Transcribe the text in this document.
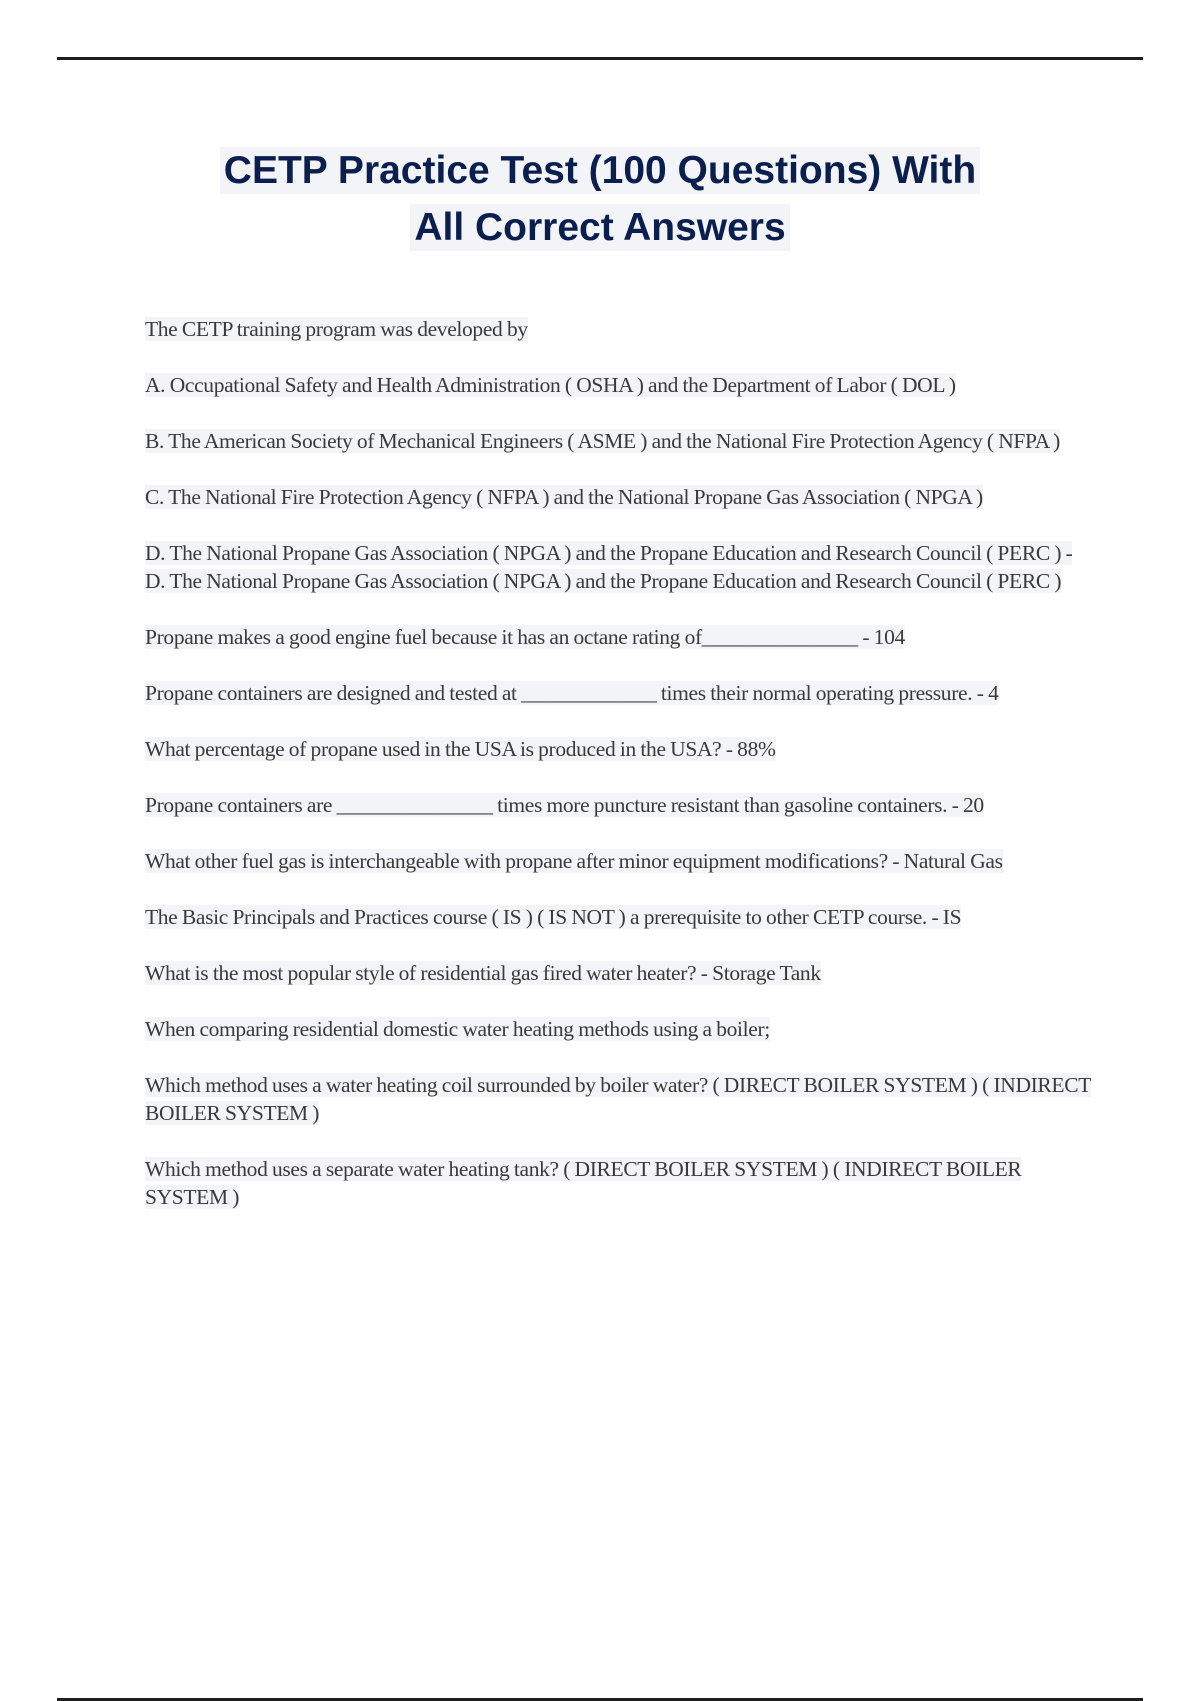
CETP Practice Test (100 Questions) With
All Correct Answers

The CETP training program was developed by

A. Occupational Safety and Health Administration ( OSHA ) and the Department of Labor ( DOL )

B. The American Society of Mechanical Engineers ( ASME ) and the National Fire Protection Agency ( NFPA )

C. The National Fire Protection Agency ( NFPA ) and the National Propane Gas Association ( NPGA )

D. The National Propane Gas Association ( NPGA ) and the Propane Education and Research Council ( PERC ) - D. The National Propane Gas Association ( NPGA ) and the Propane Education and Research Council ( PERC )

Propane makes a good engine fuel because it has an octane rating of_______________ - 104

Propane containers are designed and tested at _____________ times their normal operating pressure. - 4

What percentage of propane used in the USA is produced in the USA? - 88%

Propane containers are _______________ times more puncture resistant than gasoline containers. - 20

What other fuel gas is interchangeable with propane after minor equipment modifications? - Natural Gas

The Basic Principals and Practices course ( IS ) ( IS NOT ) a prerequisite to other CETP course. - IS

What is the most popular style of residential gas fired water heater? - Storage Tank

When comparing residential domestic water heating methods using a boiler;

Which method uses a water heating coil surrounded by boiler water? ( DIRECT BOILER SYSTEM ) ( INDIRECT BOILER SYSTEM )

Which method uses a separate water heating tank? ( DIRECT BOILER SYSTEM ) ( INDIRECT BOILER SYSTEM )
